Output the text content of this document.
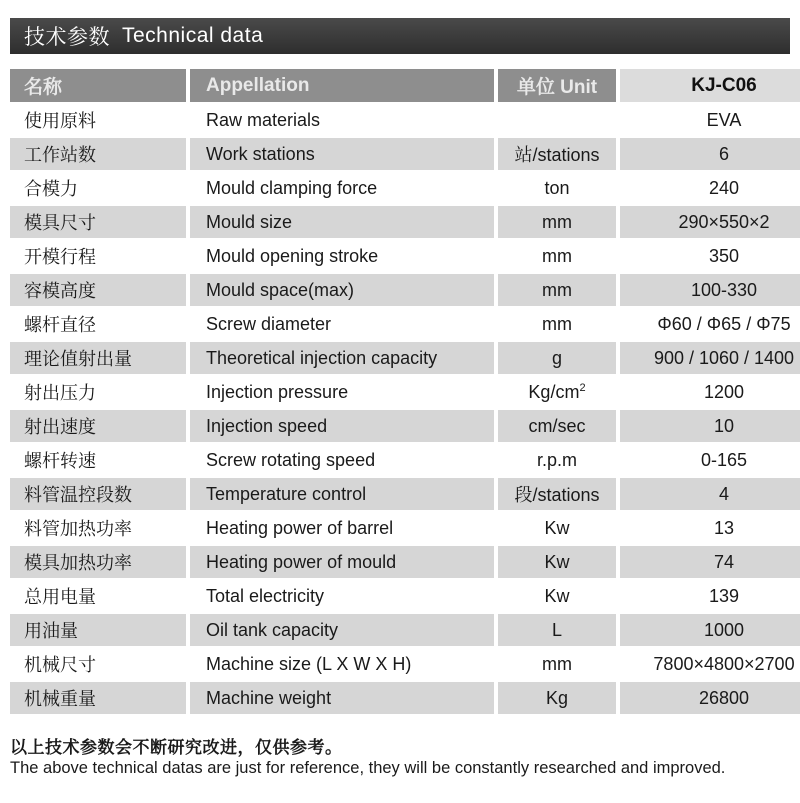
技术参数 Technical data
名称	Appellation	单位 Unit	KJ-C06
使用原料	Raw materials		EVA
工作站数	Work stations	站/stations	6
合模力	Mould clamping force	ton	240
模具尺寸	Mould size	mm	290×550×2
开模行程	Mould opening stroke	mm	350
容模高度	Mould space(max)	mm	100-330
螺杆直径	Screw diameter	mm	Φ60 / Φ65 / Φ75
理论值射出量	Theoretical injection capacity	g	900 / 1060 / 1400
射出压力	Injection pressure	$Kg/cm^2$	1200
射出速度	Injection speed	cm/sec	10
螺杆转速	Screw rotating speed	r.p.m	0-165
料管温控段数	Temperature control	段/stations	4
料管加热功率	Heating power of barrel	Kw	13
模具加热功率	Heating power of mould	Kw	74
总用电量	Total electricity	Kw	139
用油量	Oil tank capacity	L	1000
机械尺寸	Machine size (L X W X H)	mm	7800×4800×2700
机械重量	Machine weight	Kg	26800
以上技术参数会不断研究改进，仅供参考。
The above technical datas are just for reference, they will be constantly researched and improved.
